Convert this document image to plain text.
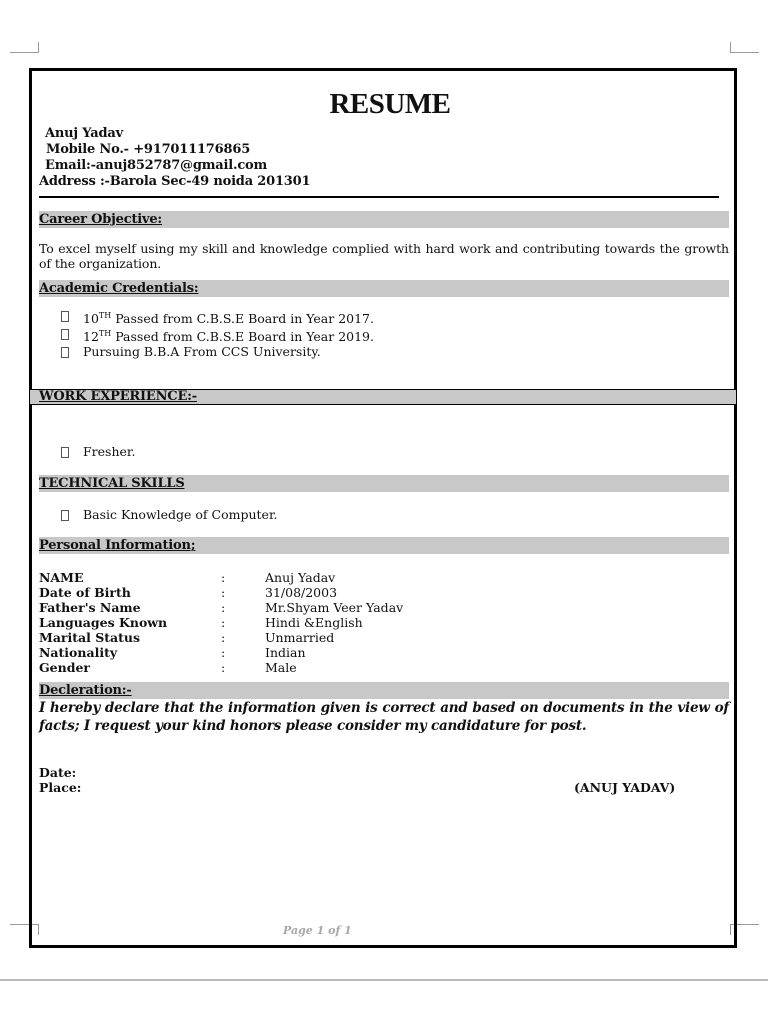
WORK EXPERIENCE:-
RESUME
Anuj Yadav
Mobile No.- +917011176865
Email:-anuj852787@gmail.com
Address :-Barola Sec-49 noida 201301
Career Objective:
To excel myself using my skill and knowledge complied with hard work and contributing towards the growth of the organization.
Academic Credentials:
10TH Passed from C.B.S.E Board in Year 2017.
12TH Passed from C.B.S.E Board in Year 2019.
Pursuing B.B.A From CCS University.
Fresher.
TECHNICAL SKILLS
Basic Knowledge of Computer.
Personal Information;
NAME	:	Anuj Yadav
Date of Birth	:	31/08/2003
Father's Name	:	Mr.Shyam Veer Yadav
Languages Known	:	Hindi &English
Marital Status	:	Unmarried
Nationality	:	Indian
Gender	:	Male
Decleration:-
I hereby declare that the information given is correct and based on documents in the view of facts; I request your kind honors please consider my candidature for post.
Date:
Place:	(ANUJ YADAV)
Page 1 of 1
